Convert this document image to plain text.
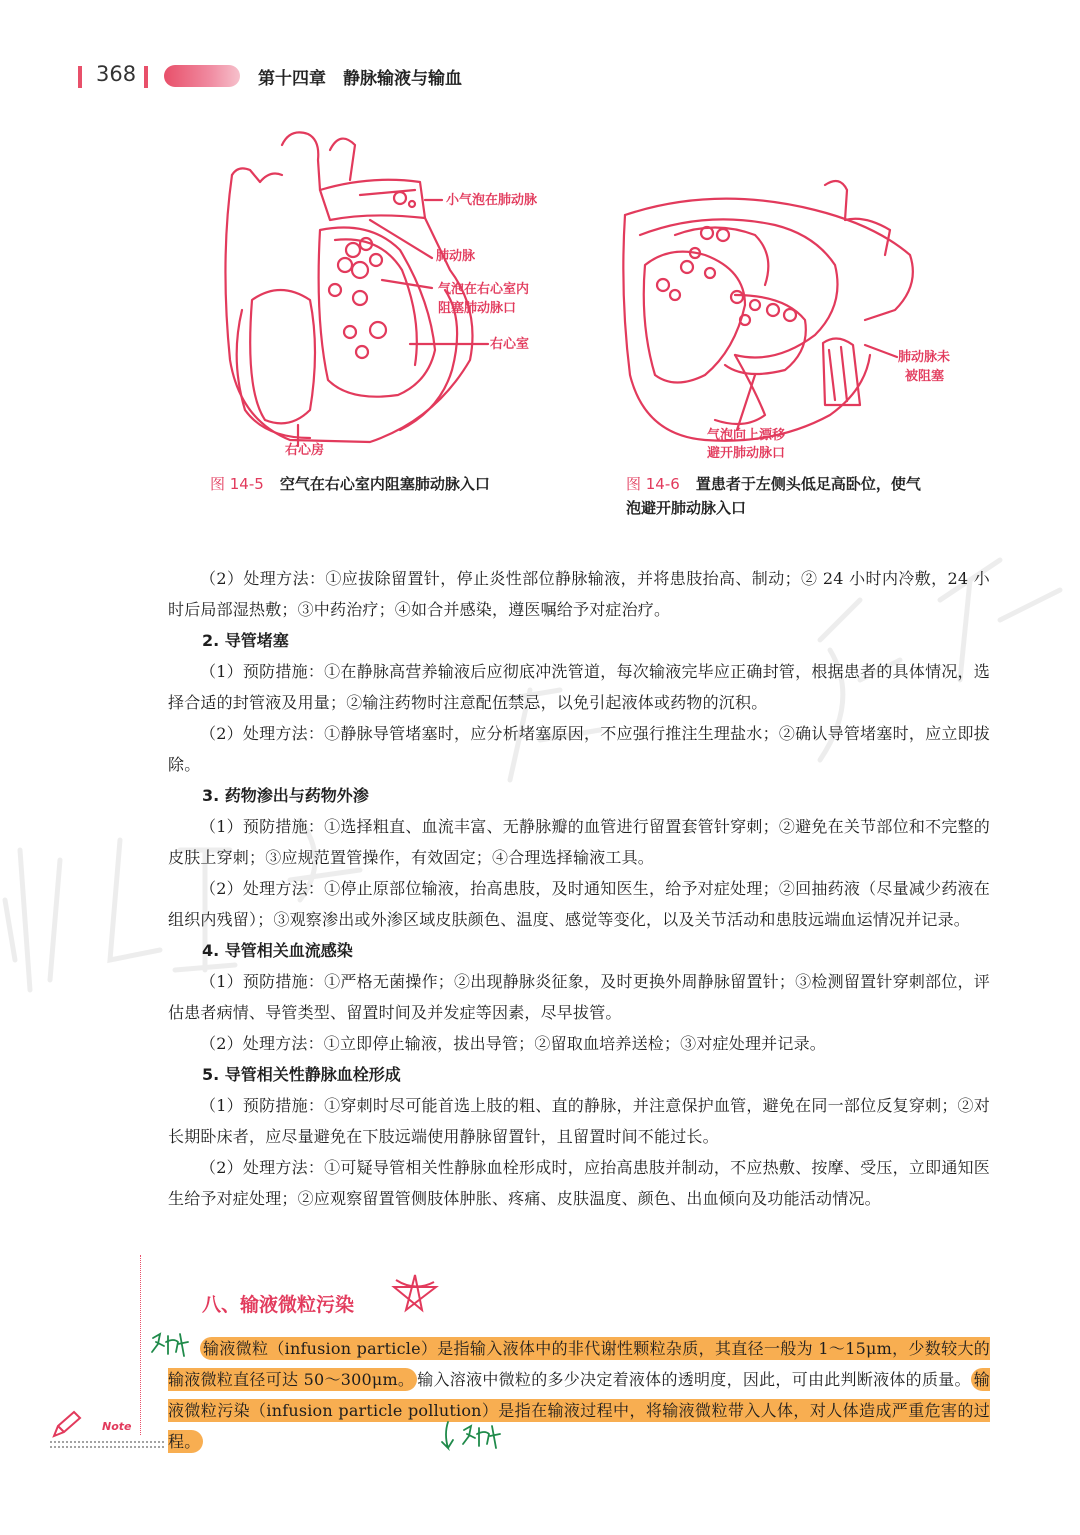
368	第十四章　静脉输液与输血
小气泡在肺动脉
肺动脉
气泡在右心室内
阻塞肺动脉口
右心室
右心房
图 14-5 空气在右心室内阻塞肺动脉入口
肺动脉未
被阻塞
气泡向上漂移
避开肺动脉口
图 14-6 置患者于左侧头低足高卧位，使气
泡避开肺动脉入口

（2）处理方法：①应拔除留置针，停止炎性部位静脉输液，并将患肢抬高、制动；② 24 小时内冷敷，24 小时后局部湿热敷；③中药治疗；④如合并感染，遵医嘱给予对症治疗。

2. 导管堵塞

（1）预防措施：①在静脉高营养输液后应彻底冲洗管道，每次输液完毕应正确封管，根据患者的具体情况，选择合适的封管液及用量；②输注药物时注意配伍禁忌，以免引起液体或药物的沉积。

（2）处理方法：①静脉导管堵塞时，应分析堵塞原因，不应强行推注生理盐水；②确认导管堵塞时，应立即拔除。

3. 药物渗出与药物外渗

（1）预防措施：①选择粗直、血流丰富、无静脉瓣的血管进行留置套管针穿刺；②避免在关节部位和不完整的皮肤上穿刺；③应规范置管操作，有效固定；④合理选择输液工具。

（2）处理方法：①停止原部位输液，抬高患肢，及时通知医生，给予对症处理；②回抽药液（尽量减少药液在组织内残留）；③观察渗出或外渗区域皮肤颜色、温度、感觉等变化，以及关节活动和患肢远端血运情况并记录。

4. 导管相关血流感染

（1）预防措施：①严格无菌操作；②出现静脉炎征象，及时更换外周静脉留置针；③检测留置针穿刺部位，评估患者病情、导管类型、留置时间及并发症等因素，尽早拔管。

（2）处理方法：①立即停止输液，拔出导管；②留取血培养送检；③对症处理并记录。

5. 导管相关性静脉血栓形成

（1）预防措施：①穿刺时尽可能首选上肢的粗、直的静脉，并注意保护血管，避免在同一部位反复穿刺；②对长期卧床者，应尽量避免在下肢远端使用静脉留置针，且留置时间不能过长。

（2）处理方法：①可疑导管相关性静脉血栓形成时，应抬高患肢并制动，不应热敷、按摩、受压，立即通知医生给予对症处理；②应观察留置管侧肢体肿胀、疼痛、皮肤温度、颜色、出血倾向及功能活动情况。

八、输液微粒污染

输液微粒（infusion particle）是指输入液体中的非代谢性颗粒杂质，其直径一般为 1～15μm，少数较大的输液微粒直径可达 50～300μm。 输入溶液中微粒的多少决定着液体的透明度，因此，可由此判断液体的质量。 输液微粒污染（infusion particle pollution）是指在输液过程中，将输液微粒带入人体，对人体造成严重危害的过程。

Note
